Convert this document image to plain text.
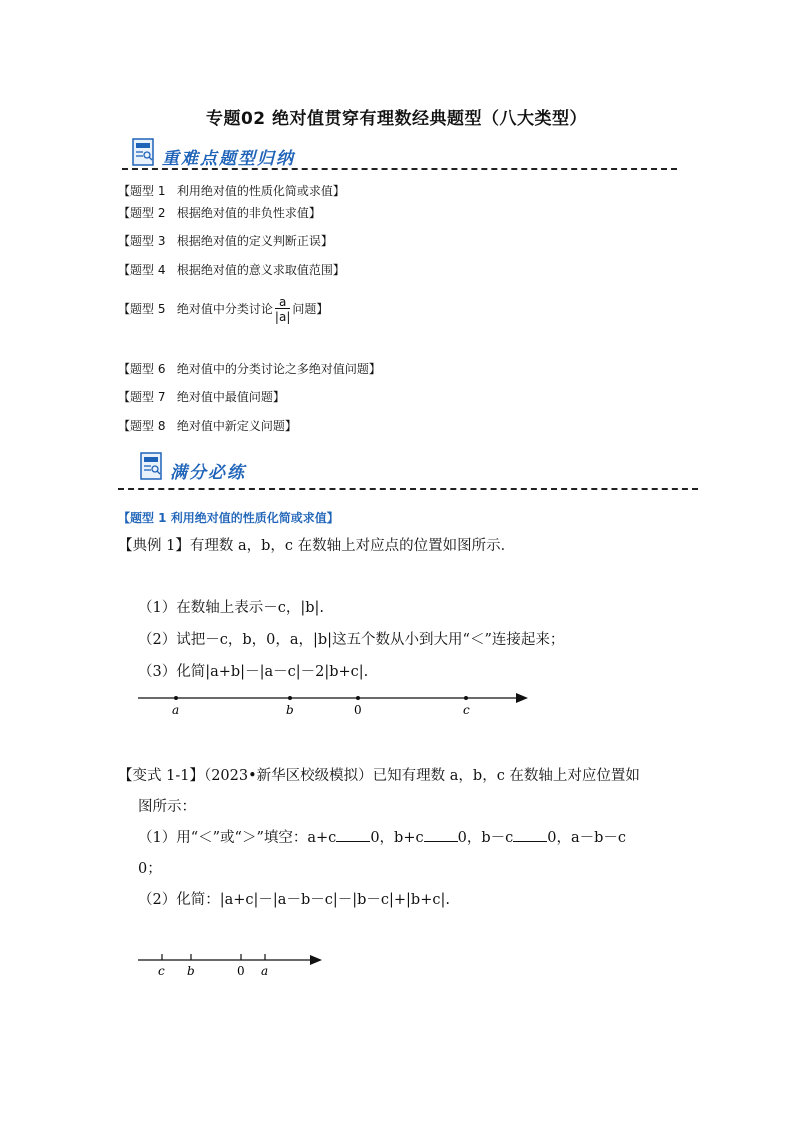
专题02 绝对值贯穿有理数经典题型（八大类型）
重难点题型归纳
【题型 1 利用绝对值的性质化简或求值】
【题型 2 根据绝对值的非负性求值】
【题型 3 根据绝对值的定义判断正误】
【题型 4 根据绝对值的意义求取值范围】
【题型 5 绝对值中分类讨论 $\frac{a}{|a|}$ 问题】
【题型 6 绝对值中的分类讨论之多绝对值问题】
【题型 7 绝对值中最值问题】
【题型 8 绝对值中新定义问题】
满分必练
【题型 1 利用绝对值的性质化简或求值】
【典例 1】有理数 a，b，c 在数轴上对应点的位置如图所示．
（1）在数轴上表示－c，|b|.
（2）试把－c，b，0，a，|b|这五个数从小到大用“＜”连接起来；
（3）化简|a+b|－|a－c|－2|b+c|.
a	b	0	c
【变式 1-1】（2023•新华区校级模拟）已知有理数 a，b，c 在数轴上对应位置如
图所示：
（1）用“＜”或“＞”填空：a+c 0，b+c 0，b－c 0，a－b－c
0；
（2）化简：|a+c|－|a－b－c|－|b－c|+|b+c|.
c b	0 a
